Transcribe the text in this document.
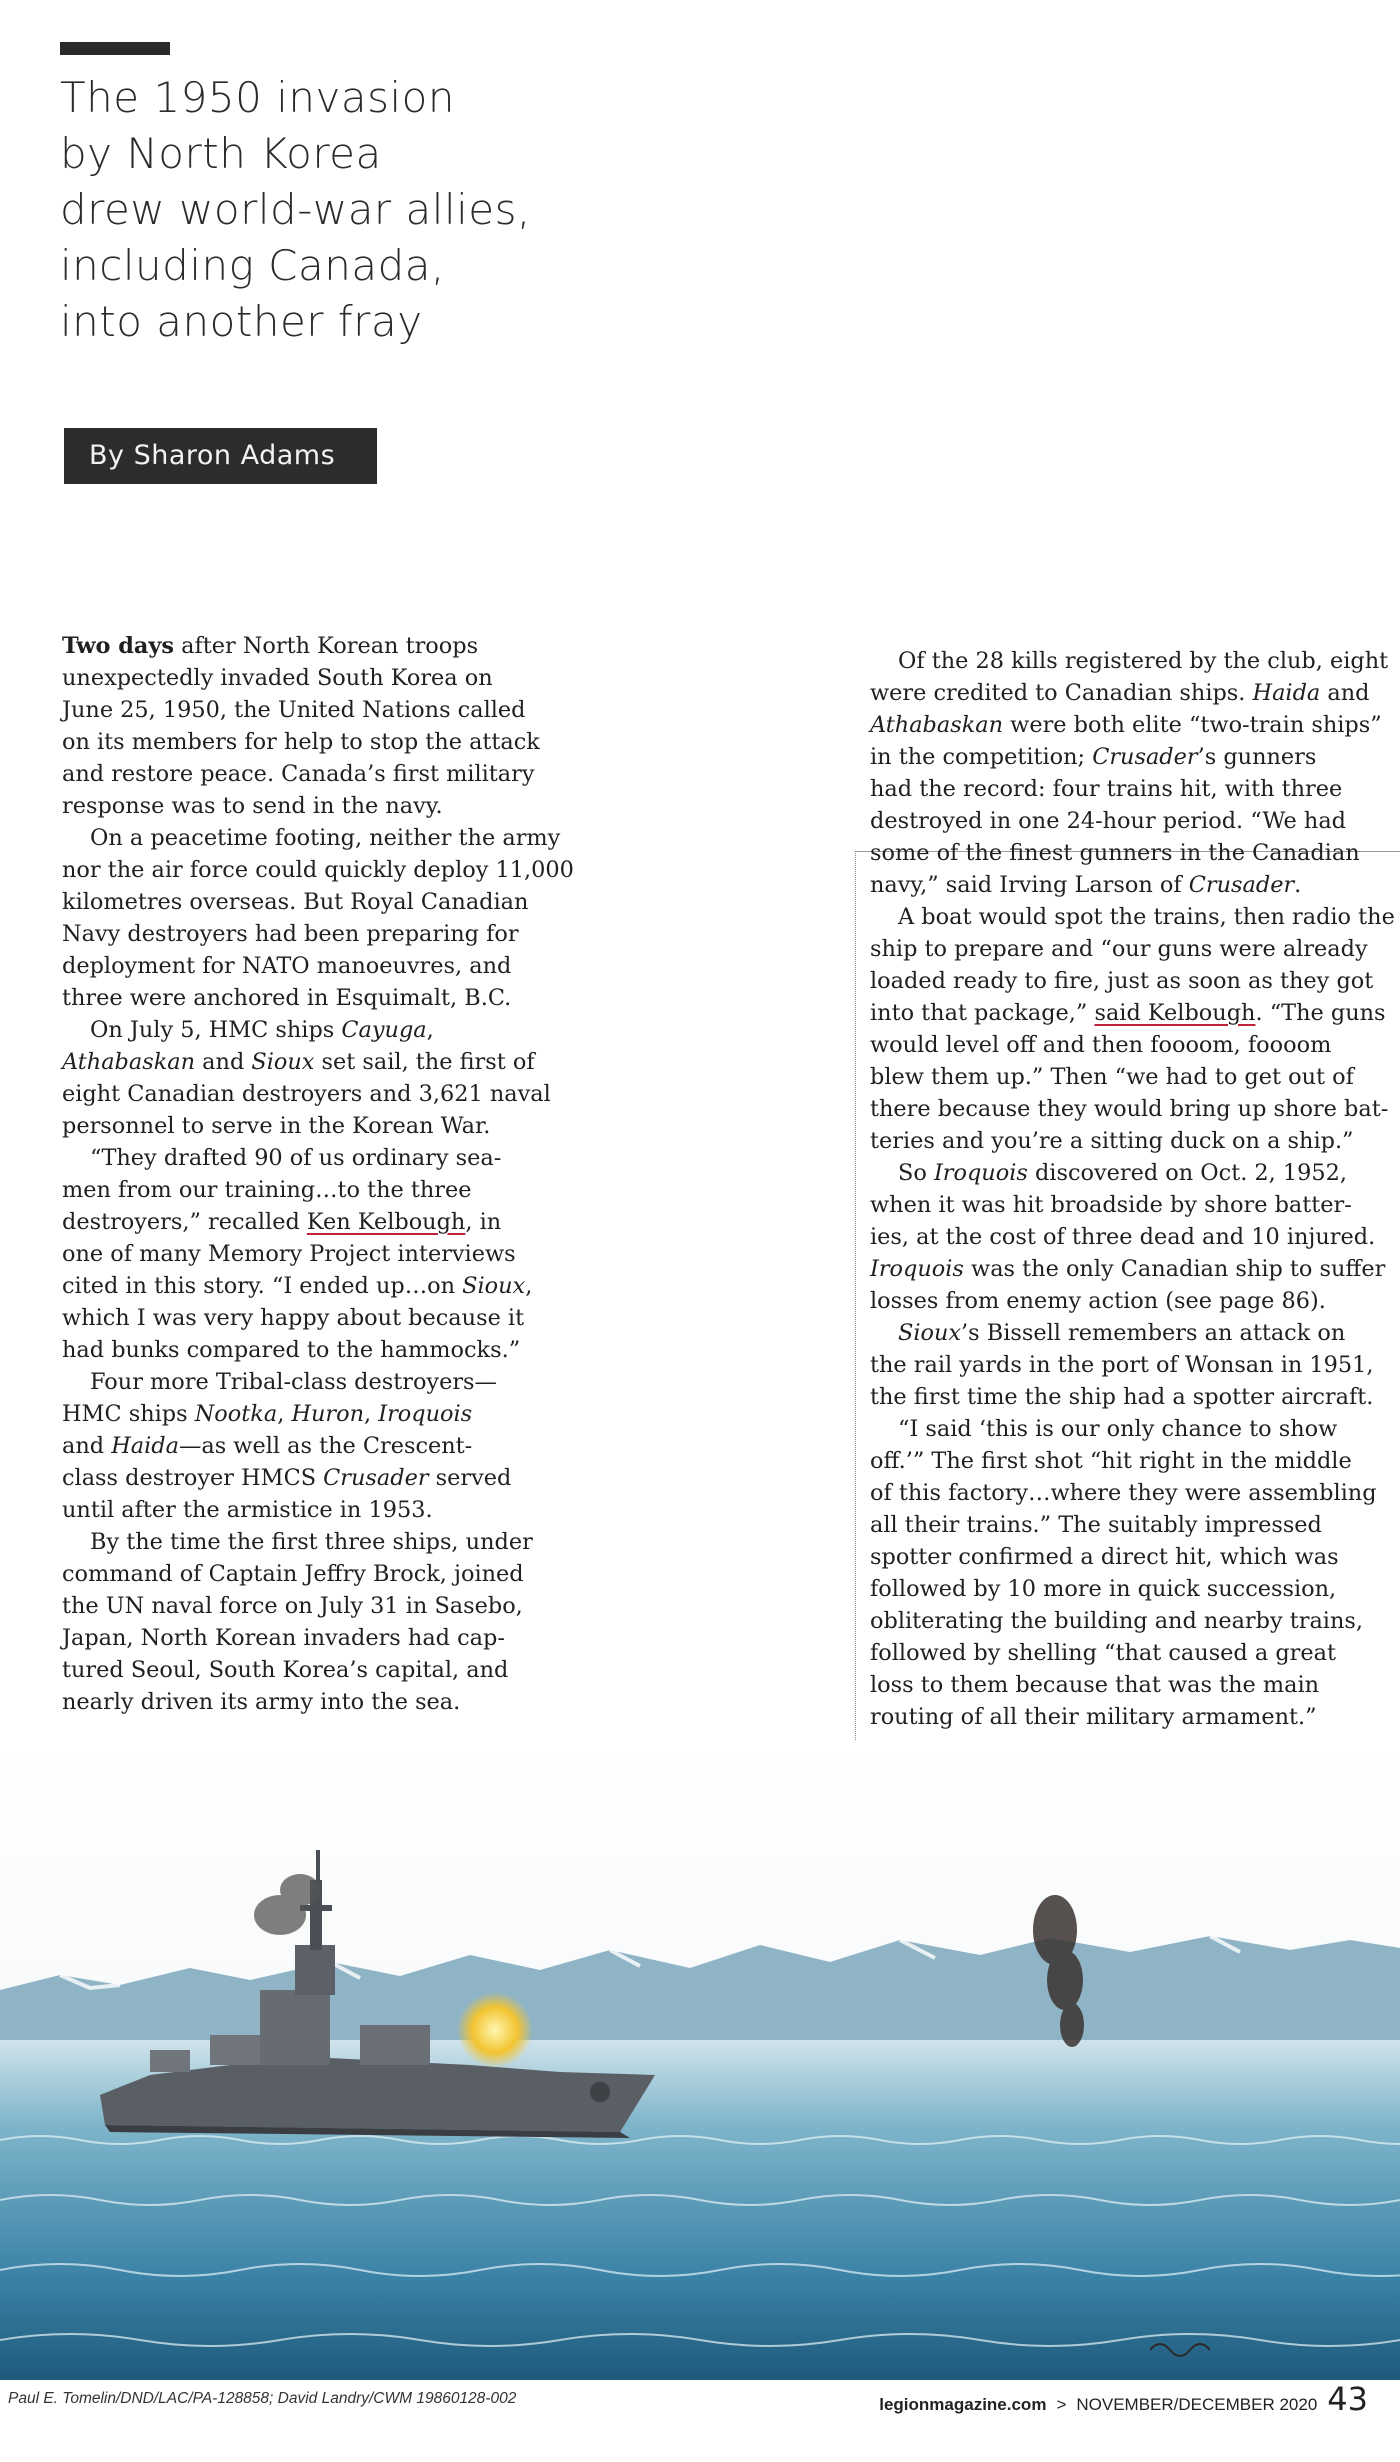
The 1950 invasion
by North Korea
drew world-war allies,
including Canada,
into another fray
By Sharon Adams

Two days after North Korean troops
unexpectedly invaded South Korea on
June 25, 1950, the United Nations called
on its members for help to stop the attack
and restore peace. Canada’s first military
response was to send in the navy.

On a peacetime footing, neither the army
nor the air force could quickly deploy 11,000
kilometres overseas. But Royal Canadian
Navy destroyers had been preparing for
deployment for NATO manoeuvres, and
three were anchored in Esquimalt, B.C.
On July 5, HMC ships Cayuga,
Athabaskan and Sioux set sail, the first of
eight Canadian destroyers and 3,621 naval
personnel to serve in the Korean War.
“They drafted 90 of us ordinary sea-
men from our training…to the three
destroyers,” recalled Ken Kelbough, in
one of many Memory Project interviews
cited in this story. “I ended up…on Sioux,
which I was very happy about because it
had bunks compared to the hammocks.”
Four more Tribal-class destroyers—
HMC ships Nootka, Huron, Iroquois
and Haida—as well as the Crescent-
class destroyer HMCS Crusader served
until after the armistice in 1953.
By the time the first three ships, under
command of Captain Jeffry Brock, joined
the UN naval force on July 31 in Sasebo,
Japan, North Korean invaders had cap-
tured Seoul, South Korea’s capital, and
nearly driven its army into the sea.
Of the 28 kills registered by the club, eight
were credited to Canadian ships. Haida and
Athabaskan were both elite “two-train ships”
in the competition; Crusader’s gunners
had the record: four trains hit, with three
destroyed in one 24-hour period. “We had
some of the finest gunners in the Canadian
navy,” said Irving Larson of Crusader.
A boat would spot the trains, then radio the
ship to prepare and “our guns were already
loaded ready to fire, just as soon as they got
into that package,” said Kelbough. “The guns
would level off and then foooom, foooom
blew them up.” Then “we had to get out of
there because they would bring up shore bat-
teries and you’re a sitting duck on a ship.”
So Iroquois discovered on Oct. 2, 1952,
when it was hit broadside by shore batter-
ies, at the cost of three dead and 10 injured.
Iroquois was the only Canadian ship to suffer
losses from enemy action (see page 86).
Sioux’s Bissell remembers an attack on
the rail yards in the port of Wonsan in 1951,
the first time the ship had a spotter aircraft.
“I said ‘this is our only chance to show
off.’” The first shot “hit right in the middle
of this factory…where they were assembling
all their trains.” The suitably impressed
spotter confirmed a direct hit, which was
followed by 10 more in quick succession,
obliterating the building and nearby trains,
followed by shelling “that caused a great
loss to them because that was the main
routing of all their military armament.”
Paul E. Tomelin/DND/LAC/PA-128858; David Landry/CWM 19860128-002	legionmagazine.com > NOVEMBER/DECEMBER 2020 43
